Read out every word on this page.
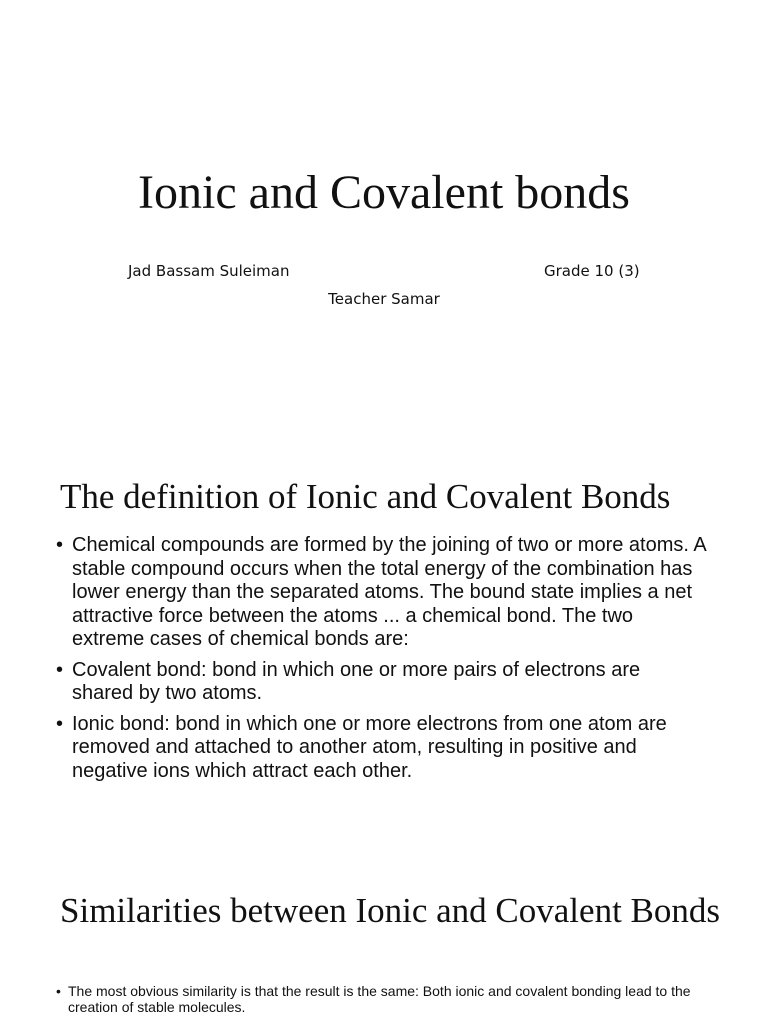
Ionic and Covalent bonds

Jad Bassam Suleiman	Grade 10 (3)

Teacher Samar

The definition of Ionic and Covalent Bonds
• Chemical compounds are formed by the joining of two or more atoms. A stable compound occurs when the total energy of the combination has lower energy than the separated atoms. The bound state implies a net attractive force between the atoms ... a chemical bond. The two extreme cases of chemical bonds are:
• Covalent bond: bond in which one or more pairs of electrons are shared by two atoms.
• Ionic bond: bond in which one or more electrons from one atom are removed and attached to another atom, resulting in positive and negative ions which attract each other.
Similarities between Ionic and Covalent Bonds
• The most obvious similarity is that the result is the same: Both ionic and covalent bonding lead to the creation of stable molecules.
